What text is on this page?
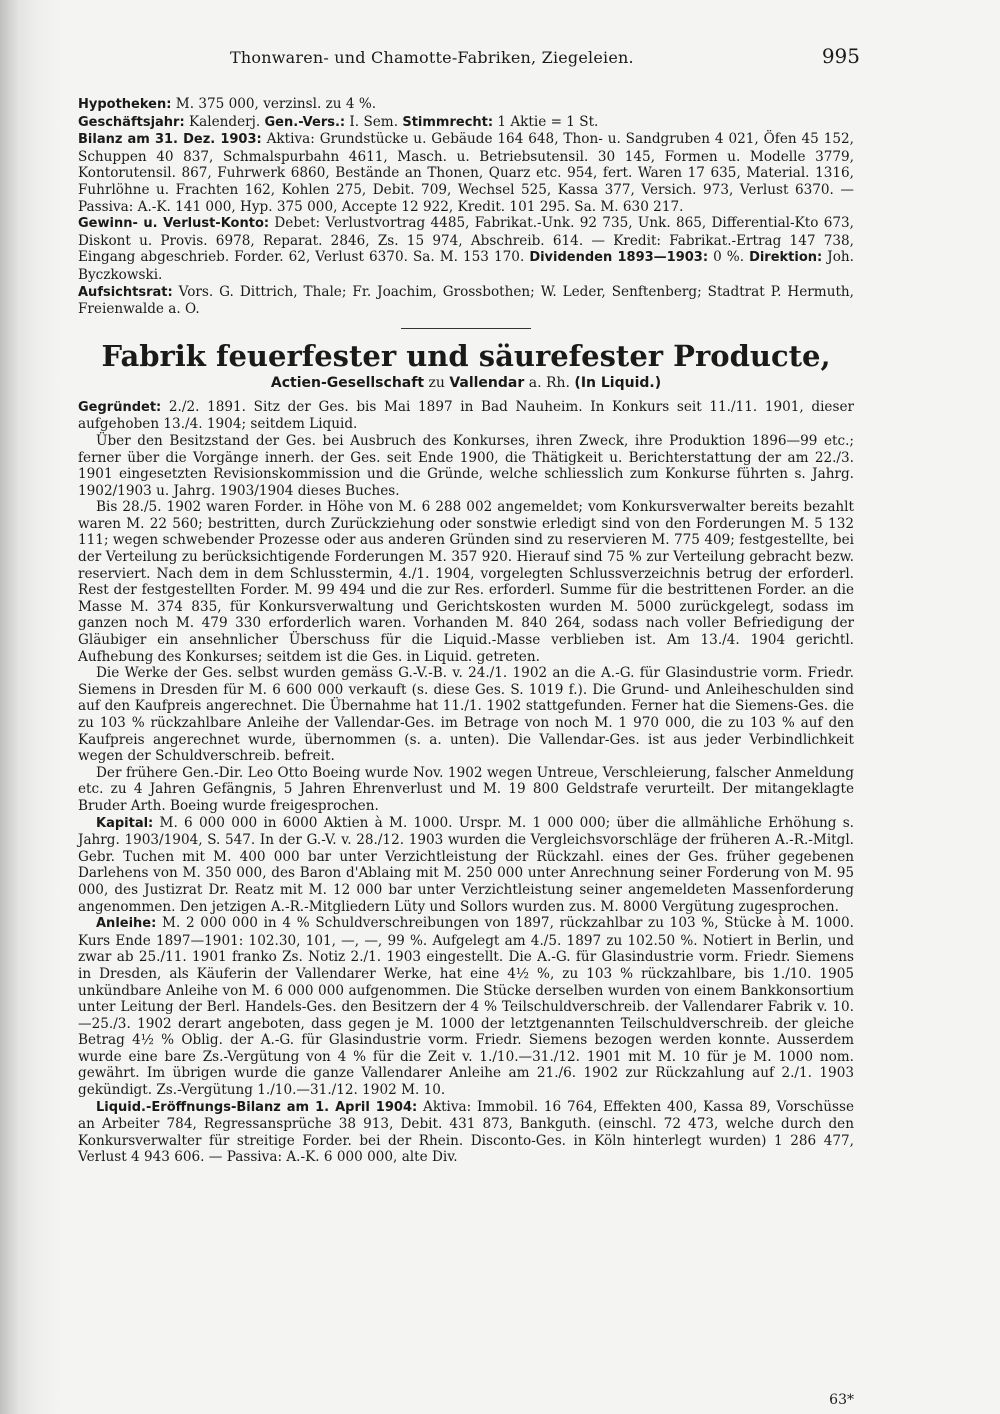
Thonwaren- und Chamotte-Fabriken, Ziegeleien.	995

Hypotheken: M. 375 000, verzinsl. zu 4 %.

Geschäftsjahr: Kalenderj. Gen.-Vers.: I. Sem. Stimmrecht: 1 Aktie = 1 St.

Bilanz am 31. Dez. 1903: Aktiva: Grundstücke u. Gebäude 164 648, Thon- u. Sandgruben 4 021, Öfen 45 152, Schuppen 40 837, Schmalspurbahn 4611, Masch. u. Betriebsutensil. 30 145, Formen u. Modelle 3779, Kontorutensil. 867, Fuhrwerk 6860, Bestände an Thonen, Quarz etc. 954, fert. Waren 17 635, Material. 1316, Fuhrlöhne u. Frachten 162, Kohlen 275, Debit. 709, Wechsel 525, Kassa 377, Versich. 973, Verlust 6370. — Passiva: A.-K. 141 000, Hyp. 375 000, Accepte 12 922, Kredit. 101 295. Sa. M. 630 217.

Gewinn- u. Verlust-Konto: Debet: Verlustvortrag 4485, Fabrikat.-Unk. 92 735, Unk. 865, Differential-Kto 673, Diskont u. Provis. 6978, Reparat. 2846, Zs. 15 974, Abschreib. 614. — Kredit: Fabrikat.-Ertrag 147 738, Eingang abgeschrieb. Forder. 62, Verlust 6370. Sa. M. 153 170. Dividenden 1893—1903: 0 %. Direktion: Joh. Byczkowski.

Aufsichtsrat: Vors. G. Dittrich, Thale; Fr. Joachim, Grossbothen; W. Leder, Senftenberg; Stadtrat P. Hermuth, Freienwalde a. O.

Fabrik feuerfester und säurefester Producte,
Actien-Gesellschaft zu Vallendar a. Rh. (In Liquid.)

Gegründet: 2./2. 1891. Sitz der Ges. bis Mai 1897 in Bad Nauheim. In Konkurs seit 11./11. 1901, dieser aufgehoben 13./4. 1904; seitdem Liquid.

Über den Besitzstand der Ges. bei Ausbruch des Konkurses, ihren Zweck, ihre Produktion 1896—99 etc.; ferner über die Vorgänge innerh. der Ges. seit Ende 1900, die Thätigkeit u. Berichterstattung der am 22./3. 1901 eingesetzten Revisionskommission und die Gründe, welche schliesslich zum Konkurse führten s. Jahrg. 1902/1903 u. Jahrg. 1903/1904 dieses Buches.

Bis 28./5. 1902 waren Forder. in Höhe von M. 6 288 002 angemeldet; vom Konkursverwalter bereits bezahlt waren M. 22 560; bestritten, durch Zurückziehung oder sonstwie erledigt sind von den Forderungen M. 5 132 111; wegen schwebender Prozesse oder aus anderen Gründen sind zu reservieren M. 775 409; festgestellte, bei der Verteilung zu berücksichtigende Forderungen M. 357 920. Hierauf sind 75 % zur Verteilung gebracht bezw. reserviert. Nach dem in dem Schlusstermin, 4./1. 1904, vorgelegten Schlussverzeichnis betrug der erforderl. Rest der festgestellten Forder. M. 99 494 und die zur Res. erforderl. Summe für die bestrittenen Forder. an die Masse M. 374 835, für Konkursverwaltung und Gerichtskosten wurden M. 5000 zurückgelegt, sodass im ganzen noch M. 479 330 erforderlich waren. Vorhanden M. 840 264, sodass nach voller Befriedigung der Gläubiger ein ansehnlicher Überschuss für die Liquid.-Masse verblieben ist. Am 13./4. 1904 gerichtl. Aufhebung des Konkurses; seitdem ist die Ges. in Liquid. getreten.

Die Werke der Ges. selbst wurden gemäss G.-V.-B. v. 24./1. 1902 an die A.-G. für Glasindustrie vorm. Friedr. Siemens in Dresden für M. 6 600 000 verkauft (s. diese Ges. S. 1019 f.). Die Grund- und Anleiheschulden sind auf den Kaufpreis angerechnet. Die Übernahme hat 11./1. 1902 stattgefunden. Ferner hat die Siemens-Ges. die zu 103 % rückzahlbare Anleihe der Vallendar-Ges. im Betrage von noch M. 1 970 000, die zu 103 % auf den Kaufpreis angerechnet wurde, übernommen (s. a. unten). Die Vallendar-Ges. ist aus jeder Verbindlichkeit wegen der Schuldverschreib. befreit.

Der frühere Gen.-Dir. Leo Otto Boeing wurde Nov. 1902 wegen Untreue, Verschleierung, falscher Anmeldung etc. zu 4 Jahren Gefängnis, 5 Jahren Ehrenverlust und M. 19 800 Geldstrafe verurteilt. Der mitangeklagte Bruder Arth. Boeing wurde freigesprochen.

Kapital: M. 6 000 000 in 6000 Aktien à M. 1000. Urspr. M. 1 000 000; über die allmähliche Erhöhung s. Jahrg. 1903/1904, S. 547. In der G.-V. v. 28./12. 1903 wurden die Vergleichsvorschläge der früheren A.-R.-Mitgl. Gebr. Tuchen mit M. 400 000 bar unter Verzichtleistung der Rückzahl. eines der Ges. früher gegebenen Darlehens von M. 350 000, des Baron d'Ablaing mit M. 250 000 unter Anrechnung seiner Forderung von M. 95 000, des Justizrat Dr. Reatz mit M. 12 000 bar unter Verzichtleistung seiner angemeldeten Massenforderung angenommen. Den jetzigen A.-R.-Mitgliedern Lüty und Sollors wurden zus. M. 8000 Vergütung zugesprochen.

Anleihe: M. 2 000 000 in 4 % Schuldverschreibungen von 1897, rückzahlbar zu 103 %, Stücke à M. 1000. Kurs Ende 1897—1901: 102.30, 101, —, —, 99 %. Aufgelegt am 4./5. 1897 zu 102.50 %. Notiert in Berlin, und zwar ab 25./11. 1901 franko Zs. Notiz 2./1. 1903 eingestellt. Die A.-G. für Glasindustrie vorm. Friedr. Siemens in Dresden, als Käuferin der Vallendarer Werke, hat eine 4½ %, zu 103 % rückzahlbare, bis 1./10. 1905 unkündbare Anleihe von M. 6 000 000 aufgenommen. Die Stücke derselben wurden von einem Bankkonsortium unter Leitung der Berl. Handels-Ges. den Besitzern der 4 % Teilschuldverschreib. der Vallendarer Fabrik v. 10.—25./3. 1902 derart angeboten, dass gegen je M. 1000 der letztgenannten Teilschuldverschreib. der gleiche Betrag 4½ % Oblig. der A.-G. für Glasindustrie vorm. Friedr. Siemens bezogen werden konnte. Ausserdem wurde eine bare Zs.-Vergütung von 4 % für die Zeit v. 1./10.—31./12. 1901 mit M. 10 für je M. 1000 nom. gewährt. Im übrigen wurde die ganze Vallendarer Anleihe am 21./6. 1902 zur Rückzahlung auf 2./1. 1903 gekündigt. Zs.-Vergütung 1./10.—31./12. 1902 M. 10.

Liquid.-Eröffnungs-Bilanz am 1. April 1904: Aktiva: Immobil. 16 764, Effekten 400, Kassa 89, Vorschüsse an Arbeiter 784, Regressansprüche 38 913, Debit. 431 873, Bankguth. (einschl. 72 473, welche durch den Konkursverwalter für streitige Forder. bei der Rhein. Disconto-Ges. in Köln hinterlegt wurden) 1 286 477, Verlust 4 943 606. — Passiva: A.-K. 6 000 000, alte Div.

63*
